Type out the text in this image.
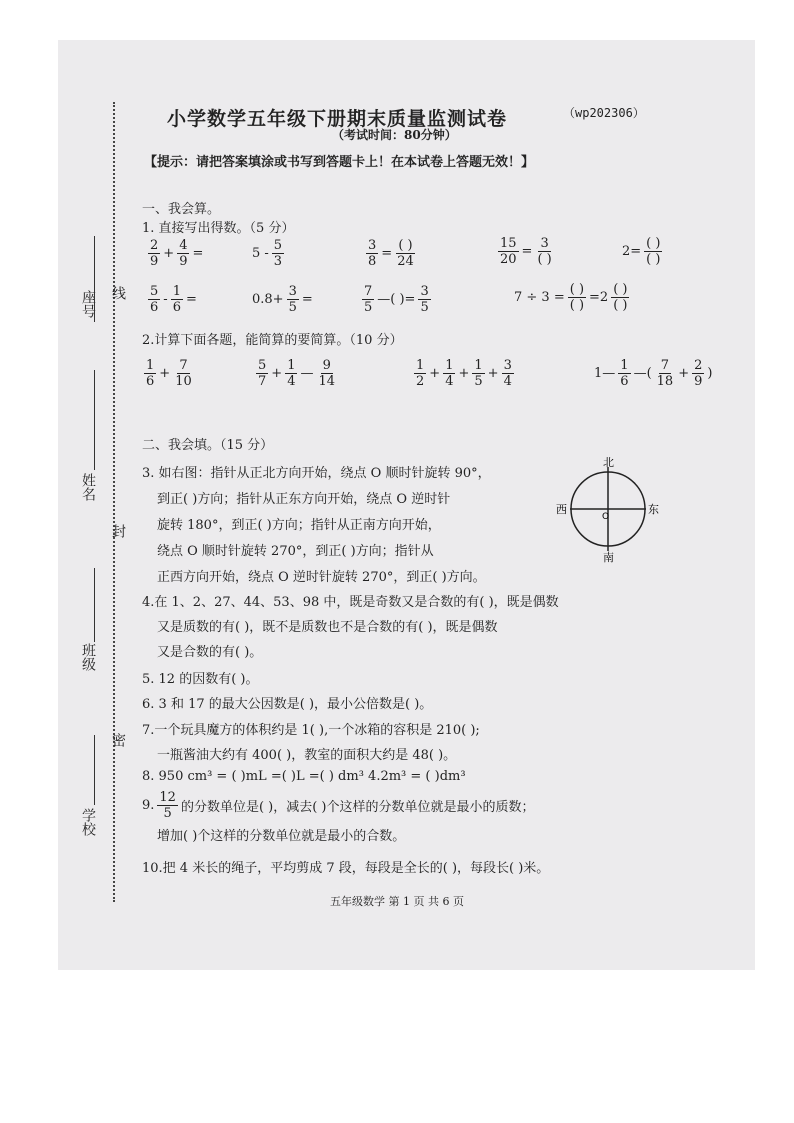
座号 线
姓名
封
班级
密
学校
小学数学五年级下册期末质量监测试卷	（wp202306）
（考试时间：80分钟）
【提示：请把答案填涂或书写到答题卡上！在本试卷上答题无效！】
一、我会算。
1. 直接写出得数。（5 分）
$\frac{2}{9} + \frac{4}{9}$ =	$5 - \frac{5}{3}$	$\frac{3}{8} = \frac{( )}{24}$	$\frac{15}{20} = \frac{3}{( )}$	$2= \frac{( )}{( )}$
$\frac{5}{6} - \frac{1}{6}$ =	$0.8+ \frac{3}{5}$ =	$\frac{7}{5}$ —( )= $\frac{3}{5}$	$7 \div 3 = \frac{( )}{( )} =2 \frac{( )}{( )}$
2.计算下面各题，能简算的要简算。（10 分）
$\frac{1}{6} + \frac{7}{10}$	$\frac{5}{7} + \frac{1}{4}$ — $\frac{9}{14}$	$\frac{1}{2} + \frac{1}{4} + \frac{1}{5} + \frac{3}{4}$	1— $\frac{1}{6}$ —( $\frac{7}{18} + \frac{2}{9}$ )
二、我会填。（15 分）
3. 如右图：指针从正北方向开始，绕点 O 顺时针旋转 90°，
到正( )方向；指针从正东方向开始，绕点 O 逆时针
旋转 180°，到正( )方向；指针从正南方向开始，
绕点 O 顺时针旋转 270°，到正( )方向；指针从
正西方向开始，绕点 O 逆时针旋转 270°，到正( )方向。
北
南
东
西
O
4.在 1、2、27、44、53、98 中，既是奇数又是合数的有( )，既是偶数
又是质数的有( )，既不是质数也不是合数的有( )，既是偶数
又是合数的有( )。
5. 12 的因数有( )。
6. 3 和 17 的最大公因数是( )，最小公倍数是( )。
7.一个玩具魔方的体积约是 1( ),一个冰箱的容积是 210( );
一瓶酱油大约有 400( )，教室的面积大约是 48( )。
8. 950 cm³ = ( )mL =( )L =( ) dm³ 4.2m³ = ( )dm³
9. $\frac{12}{5}$ 的分数单位是( )，减去( )个这样的分数单位就是最小的质数；
增加( )个这样的分数单位就是最小的合数。
10.把 4 米长的绳子，平均剪成 7 段，每段是全长的( )，每段长( )米。
五年级数学 第 1 页 共 6 页
